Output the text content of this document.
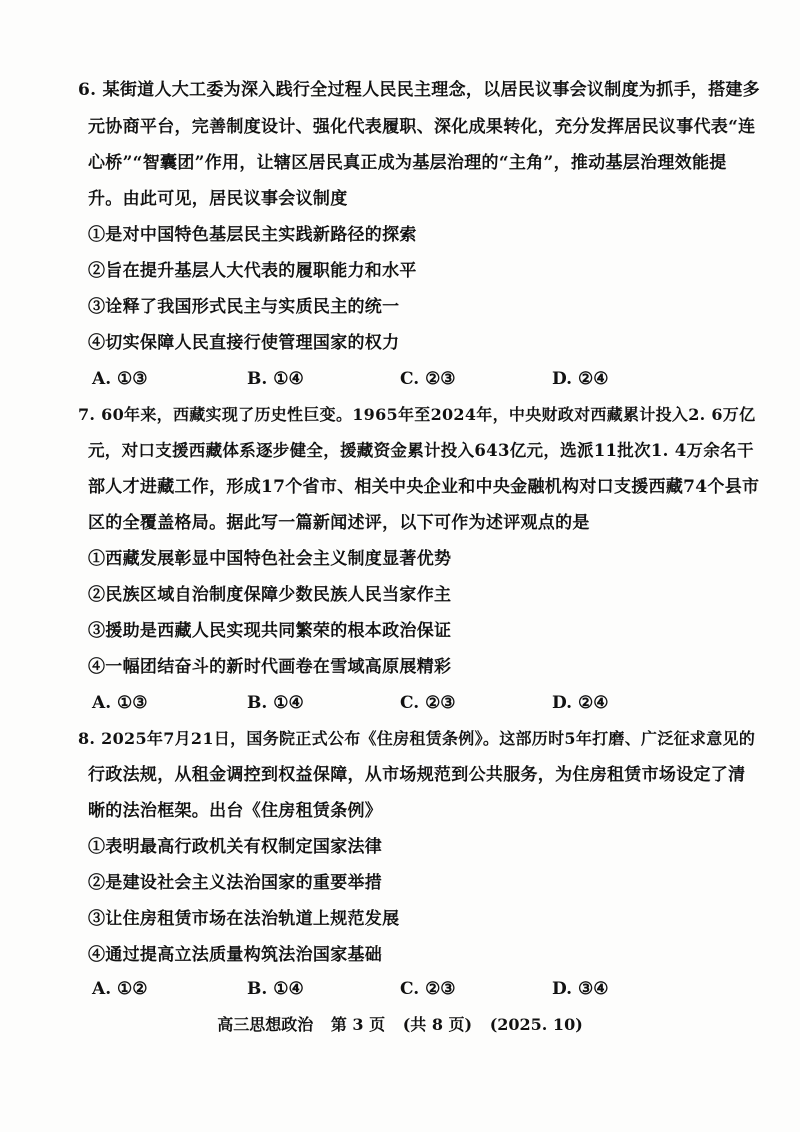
6. 某街道人大工委为深入践行全过程人民民主理念，以居民议事会议制度为抓手，搭建多
元协商平台，完善制度设计、强化代表履职、深化成果转化，充分发挥居民议事代表“连
心桥”“智囊团”作用，让辖区居民真正成为基层治理的“主角”，推动基层治理效能提
升。由此可见，居民议事会议制度
①是对中国特色基层民主实践新路径的探索
②旨在提升基层人大代表的履职能力和水平
③诠释了我国形式民主与实质民主的统一
④切实保障人民直接行使管理国家的权力
A. ①③	B. ①④	C. ②③	D. ②④
7. 60年来，西藏实现了历史性巨变。1965年至2024年，中央财政对西藏累计投入2. 6万亿
元，对口支援西藏体系逐步健全，援藏资金累计投入643亿元，选派11批次1. 4万余名干
部人才进藏工作，形成17个省市、相关中央企业和中央金融机构对口支援西藏74个县市
区的全覆盖格局。据此写一篇新闻述评，以下可作为述评观点的是
①西藏发展彰显中国特色社会主义制度显著优势
②民族区域自治制度保障少数民族人民当家作主
③援助是西藏人民实现共同繁荣的根本政治保证
④一幅团结奋斗的新时代画卷在雪域高原展精彩
A. ①③	B. ①④	C. ②③	D. ②④
8. 2025年7月21日，国务院正式公布《住房租赁条例》。这部历时5年打磨、广泛征求意见的
行政法规，从租金调控到权益保障，从市场规范到公共服务，为住房租赁市场设定了清
晰的法治框架。出台《住房租赁条例》
①表明最高行政机关有权制定国家法律
②是建设社会主义法治国家的重要举措
③让住房租赁市场在法治轨道上规范发展
④通过提高立法质量构筑法治国家基础
A. ①②	B. ①④	C. ②③	D. ③④
高三思想政治 第 3 页 (共 8 页) (2025. 10)
